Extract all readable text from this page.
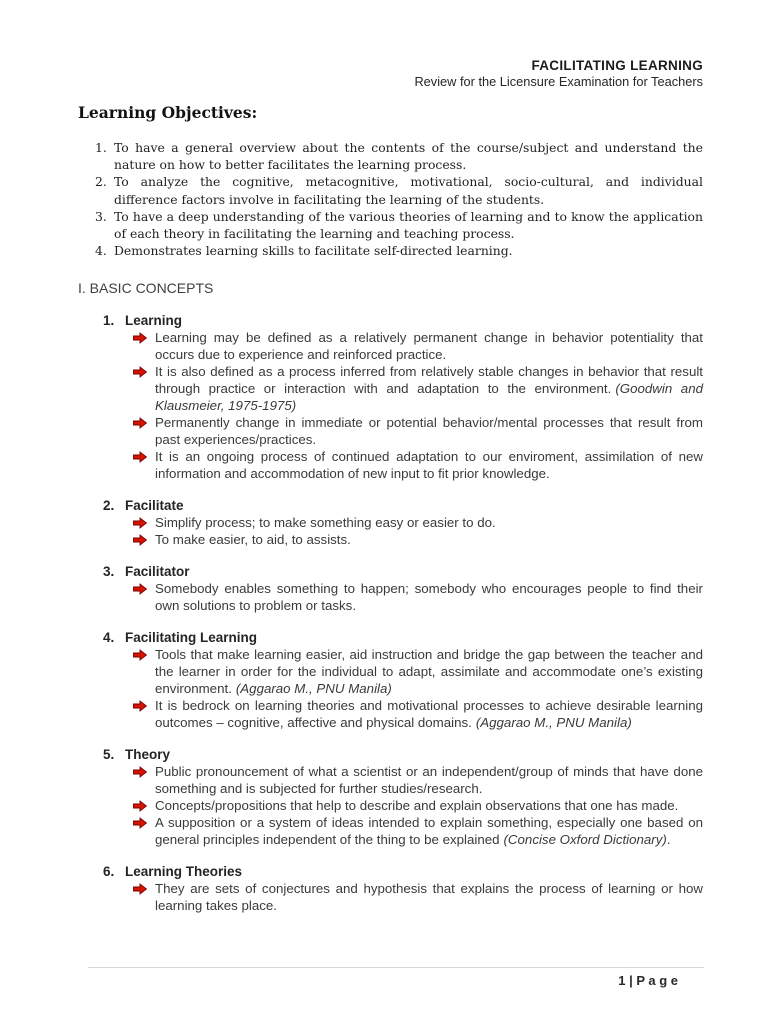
FACILITATING LEARNING
Review for the Licensure Examination for Teachers
Learning Objectives:
1. To have a general overview about the contents of the course/subject and understand the nature on how to better facilitates the learning process.
2. To analyze the cognitive, metacognitive, motivational, socio-cultural, and individual difference factors involve in facilitating the learning of the students.
3. To have a deep understanding of the various theories of learning and to know the application of each theory in facilitating the learning and teaching process.
4. Demonstrates learning skills to facilitate self-directed learning.
I. BASIC CONCEPTS
1. Learning
Learning may be defined as a relatively permanent change in behavior potentiality that occurs due to experience and reinforced practice.
It is also defined as a process inferred from relatively stable changes in behavior that result through practice or interaction with and adaptation to the environment. (Goodwin and Klausmeier, 1975-1975)
Permanently change in immediate or potential behavior/mental processes that result from past experiences/practices.
It is an ongoing process of continued adaptation to our enviroment, assimilation of new information and accommodation of new input to fit prior knowledge.
2. Facilitate
Simplify process; to make something easy or easier to do.
To make easier, to aid, to assists.
3. Facilitator
Somebody enables something to happen; somebody who encourages people to find their own solutions to problem or tasks.
4. Facilitating Learning
Tools that make learning easier, aid instruction and bridge the gap between the teacher and the learner in order for the individual to adapt, assimilate and accommodate one’s existing environment. (Aggarao M., PNU Manila)
It is bedrock on learning theories and motivational processes to achieve desirable learning outcomes – cognitive, affective and physical domains. (Aggarao M., PNU Manila)
5. Theory
Public pronouncement of what a scientist or an independent/group of minds that have done something and is subjected for further studies/research.
Concepts/propositions that help to describe and explain observations that one has made.
A supposition or a system of ideas intended to explain something, especially one based on general principles independent of the thing to be explained (Concise Oxford Dictionary).
6. Learning Theories
They are sets of conjectures and hypothesis that explains the process of learning or how learning takes place.
1 | P a g e
